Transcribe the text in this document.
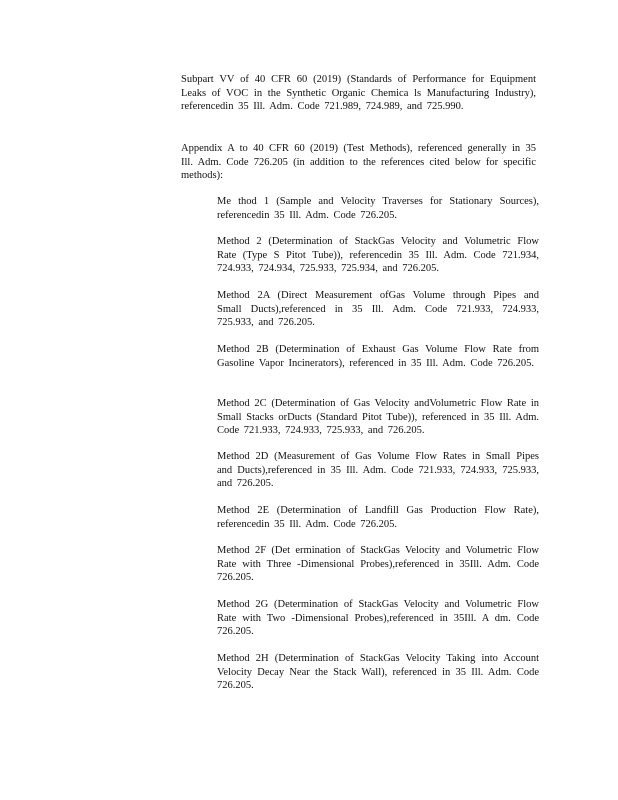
Subpart VV of 40 CFR 60 (2019) (Standards of Performance for Equipment Leaks of VOC in the Synthetic Organic Chemica ls Manufacturing Industry), referencedin 35 Ill. Adm. Code 721.989, 724.989, and 725.990.

Appendix A to 40 CFR 60 (2019) (Test Methods), referenced generally in 35 Ill. Adm. Code 726.205 (in addition to the references cited below for specific methods):

Me thod 1 (Sample and Velocity Traverses for Stationary Sources), referencedin 35 Ill. Adm. Code 726.205.

Method 2 (Determination of StackGas Velocity and Volumetric Flow Rate (Type S Pitot Tube)), referencedin 35 Ill. Adm. Code 721.934, 724.933, 724.934, 725.933, 725.934, and 726.205.

Method 2A (Direct Measurement ofGas Volume through Pipes and Small Ducts),referenced in 35 Ill. Adm. Code 721.933, 724.933, 725.933, and 726.205.

Method 2B (Determination of Exhaust Gas Volume Flow Rate from Gasoline Vapor Incinerators), referenced in 35 Ill. Adm. Code 726.205.

Method 2C (Determination of Gas Velocity andVolumetric Flow Rate in Small Stacks orDucts (Standard Pitot Tube)), referenced in 35 Ill. Adm. Code 721.933, 724.933, 725.933, and 726.205.

Method 2D (Measurement of Gas Volume Flow Rates in Small Pipes and Ducts),referenced in 35 Ill. Adm. Code 721.933, 724.933, 725.933, and 726.205.

Method 2E (Determination of Landfill Gas Production Flow Rate), referencedin 35 Ill. Adm. Code 726.205.

Method 2F (Det ermination of StackGas Velocity and Volumetric Flow Rate with Three -Dimensional Probes),referenced in 35Ill. Adm. Code 726.205.

Method 2G (Determination of StackGas Velocity and Volumetric Flow Rate with Two -Dimensional Probes),referenced in 35Ill. A dm. Code 726.205.

Method 2H (Determination of StackGas Velocity Taking into Account Velocity Decay Near the Stack Wall), referenced in 35 Ill. Adm. Code 726.205.
